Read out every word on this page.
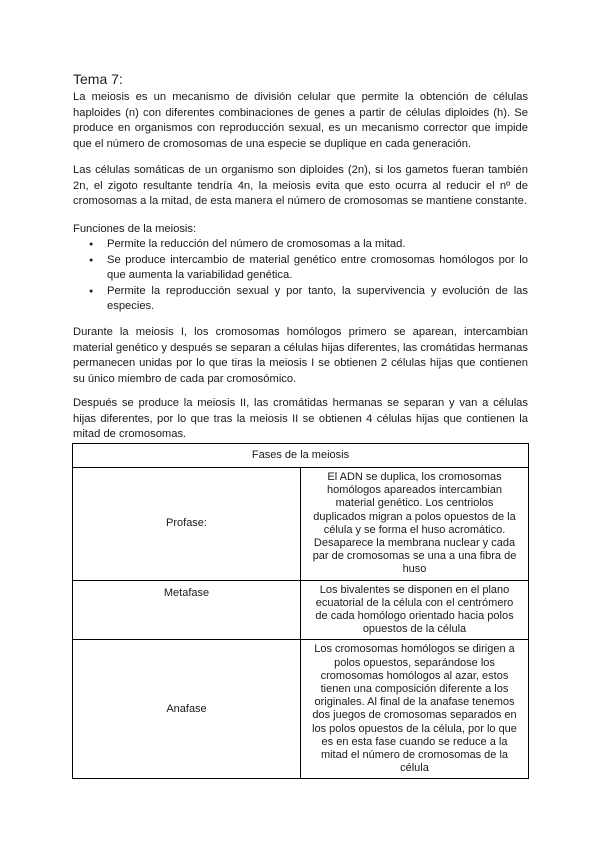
Tema 7:

La meiosis es un mecanismo de división celular que permite la obtención de células haploides (n) con diferentes combinaciones de genes a partir de células diploides (h). Se produce en organismos con reproducción sexual, es un mecanismo corrector que impide que el número de cromosomas de una especie se duplique en cada generación.

Las células somáticas de un organismo son diploides (2n), si los gametos fueran también 2n, el zigoto resultante tendría 4n, la meiosis evita que esto ocurra al reducir el nº de cromosomas a la mitad, de esta manera el número de cromosomas se mantiene constante.

Funciones de la meiosis:
● Permite la reducción del número de cromosomas a la mitad.
● Se produce intercambio de material genético entre cromosomas homólogos por lo que aumenta la variabilidad genética.
● Permite la reproducción sexual y por tanto, la supervivencia y evolución de las especies.

Durante la meiosis I, los cromosomas homólogos primero se aparean, intercambian material genético y después se separan a células hijas diferentes, las cromátidas hermanas permanecen unidas por lo que tiras la meiosis I se obtienen 2 células hijas que contienen su único miembro de cada par cromosómico.

Después se produce la meiosis II, las cromátidas hermanas se separan y van a células hijas diferentes, por lo que tras la meiosis II se obtienen 4 células hijas que contienen la mitad de cromosomas.

Fases de la meiosis	
Profase:	El ADN se duplica, los cromosomas homólogos apareados intercambian material genético. Los centriolos duplicados migran a polos opuestos de la célula y se forma el huso acromático. Desaparece la membrana nuclear y cada par de cromosomas se una a una fibra de huso
Metafase	Los bivalentes se disponen en el plano ecuatorial de la célula con el centrómero de cada homólogo orientado hacia polos opuestos de la célula
Anafase	Los cromosomas homólogos se dirigen a polos opuestos, separándose los cromosomas homólogos al azar, estos tienen una composición diferente a los originales. Al final de la anafase tenemos dos juegos de cromosomas separados en los polos opuestos de la célula, por lo que es en esta fase cuando se reduce a la mitad el número de cromosomas de la célula
